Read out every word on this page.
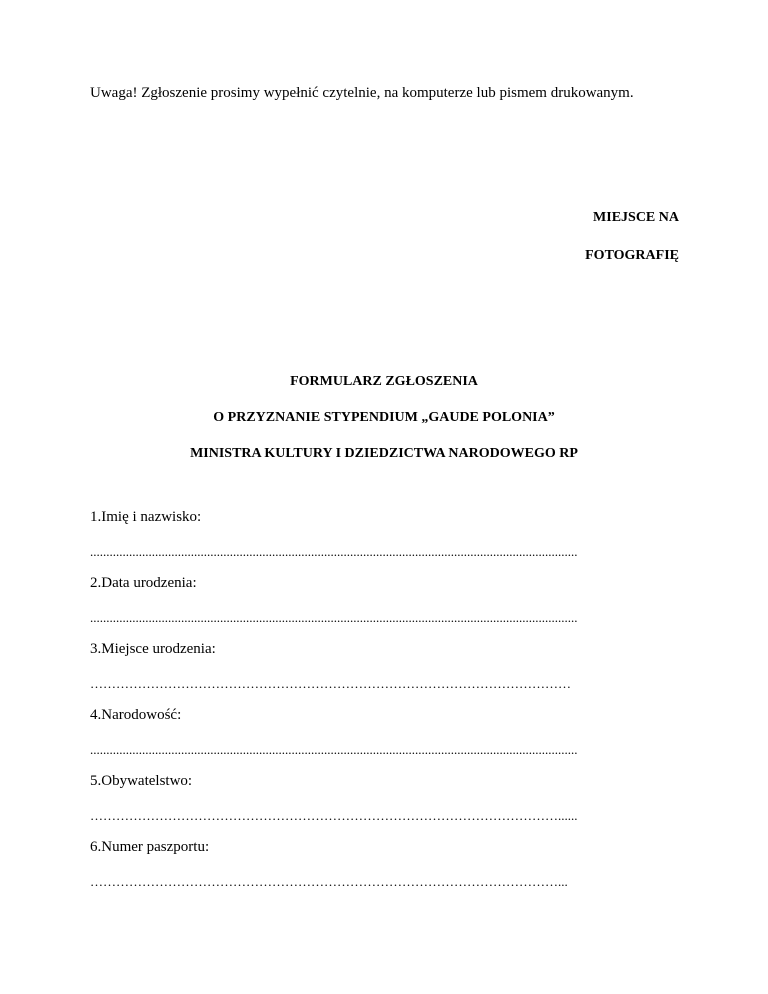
Uwaga! Zgłoszenie prosimy wypełnić czytelnie, na komputerze lub pismem drukowanym.
MIEJSCE NA
FOTOGRAFIĘ
FORMULARZ ZGŁOSZENIA
O PRZYZNANIE STYPENDIUM „GAUDE POLONIA”
MINISTRA KULTURY I DZIEDZICTWA NARODOWEGO RP
1.Imię i nazwisko:
......................................................................................................................................................
2.Data urodzenia:
......................................................................................................................................................
3.Miejsce urodzenia:
…………………………………………………………………………………………………
4.Narodowość:
......................................................................................................................................................
5.Obywatelstwo:
………………………………………………………………………………………………......
6.Numer paszportu:
………………………………………………………………………………………………...
